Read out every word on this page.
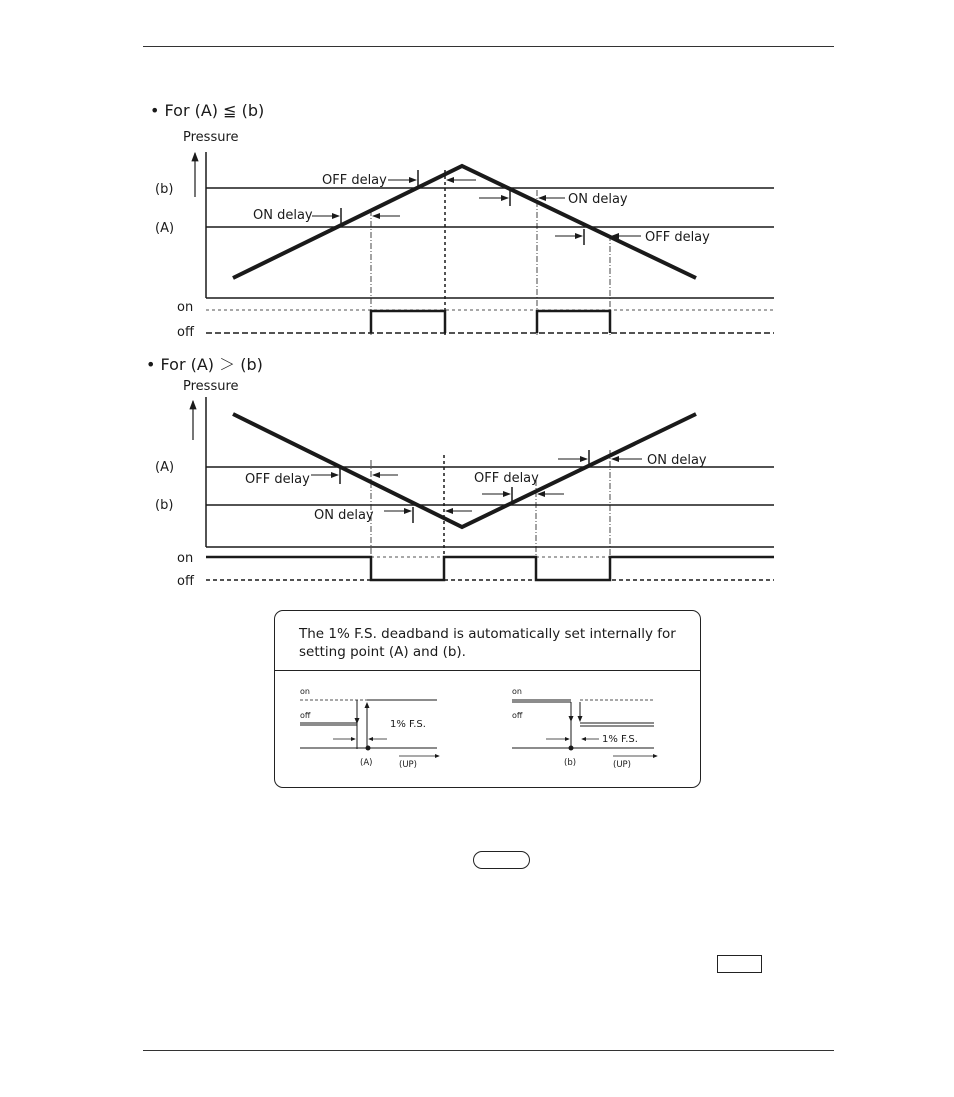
• For (A) ≦ (b)
Pressure
(b)
(A)
OFF delay
ON delay
ON delay
OFF delay
on
off
• For (A) ＞ (b)
Pressure
(A)
(b)
OFF delay
ON delay
OFF delay
ON delay
on
off
The 1% F.S. deadband is automatically set internally for setting point (A) and (b).
on
off
1% F.S.
(A)	(UP)
on
off
1% F.S.
(b)	(UP)
